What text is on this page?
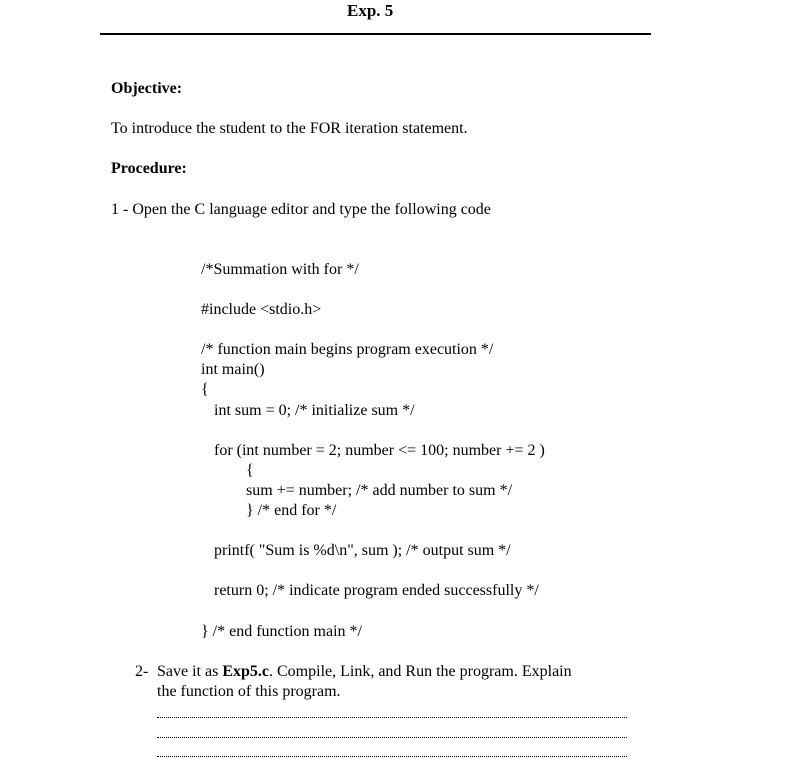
Exp. 5
Objective:
To introduce the student to the FOR iteration statement.
Procedure:
1 - Open the C language editor and type the following code
/*Summation with for */
#include <stdio.h>
/* function main begins program execution */
int main()
{
int sum = 0; /* initialize sum */
for (int number = 2; number <= 100; number += 2 )
{
sum += number; /* add number to sum */
} /* end for */
printf( "Sum is %d\n", sum ); /* output sum */
return 0; /* indicate program ended successfully */
} /* end function main */
2- Save it as Exp5.c. Compile, Link, and Run the program. Explain
the function of this program.
